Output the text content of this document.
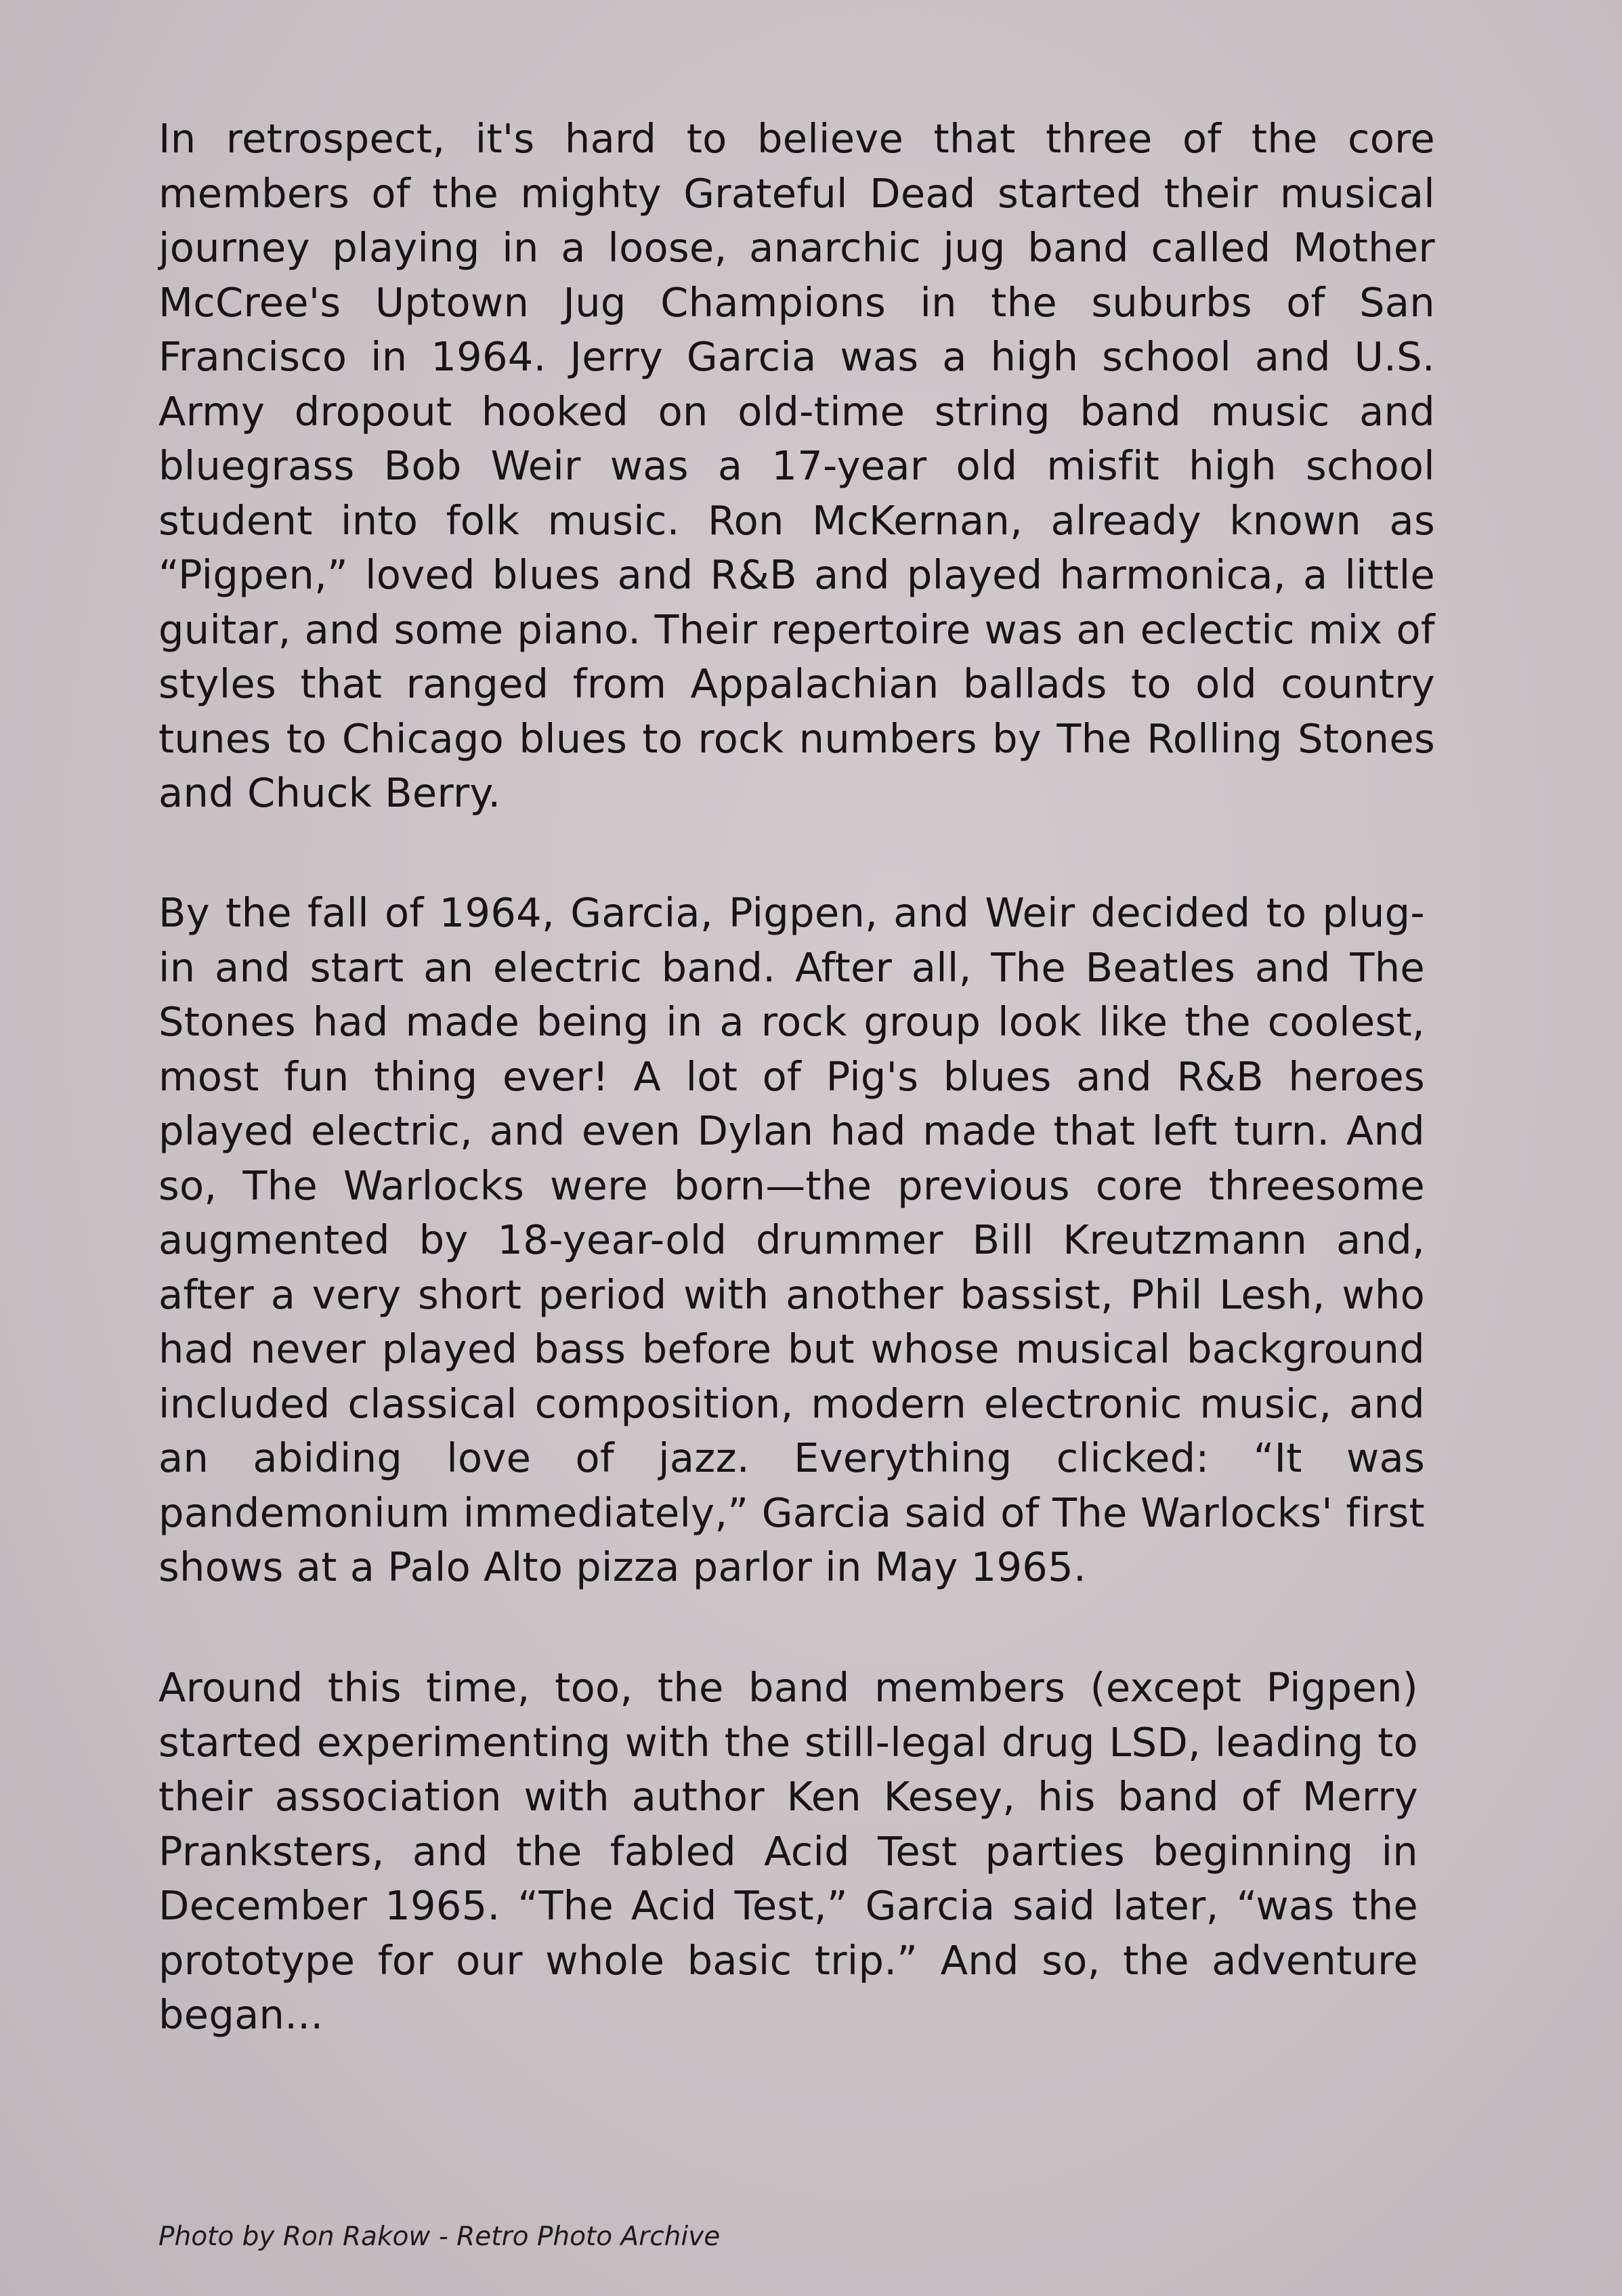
In retrospect, it's hard to believe that three of the core members of the mighty Grateful Dead started their musical journey playing in a loose, anarchic jug band called Mother McCree's Uptown Jug Champions in the suburbs of San Francisco in 1964. Jerry Garcia was a high school and U.S. Army dropout hooked on old-time string band music and bluegrass Bob Weir was a 17-year old misfit high school student into folk music. Ron McKernan, already known as “Pigpen,” loved blues and R&B and played harmonica, a little guitar, and some piano. Their repertoire was an eclectic mix of styles that ranged from Appalachian ballads to old country tunes to Chicago blues to rock numbers by The Rolling Stones and Chuck Berry.

By the fall of 1964, Garcia, Pigpen, and Weir decided to plug-in and start an electric band. After all, The Beatles and The Stones had made being in a rock group look like the coolest, most fun thing ever! A lot of Pig's blues and R&B heroes played electric, and even Dylan had made that left turn. And so, The Warlocks were born—the previous core threesome augmented by 18-year-old drummer Bill Kreutzmann and, after a very short period with another bassist, Phil Lesh, who had never played bass before but whose musical background included classical composition, modern electronic music, and an abiding love of jazz. Everything clicked: “It was pandemonium immediately,” Garcia said of The Warlocks' first shows at a Palo Alto pizza parlor in May 1965.

Around this time, too, the band members (except Pigpen) started experimenting with the still-legal drug LSD, leading to their association with author Ken Kesey, his band of Merry Pranksters, and the fabled Acid Test parties beginning in December 1965. “The Acid Test,” Garcia said later, “was the prototype for our whole basic trip.” And so, the adventure began...

Photo by Ron Rakow - Retro Photo Archive
